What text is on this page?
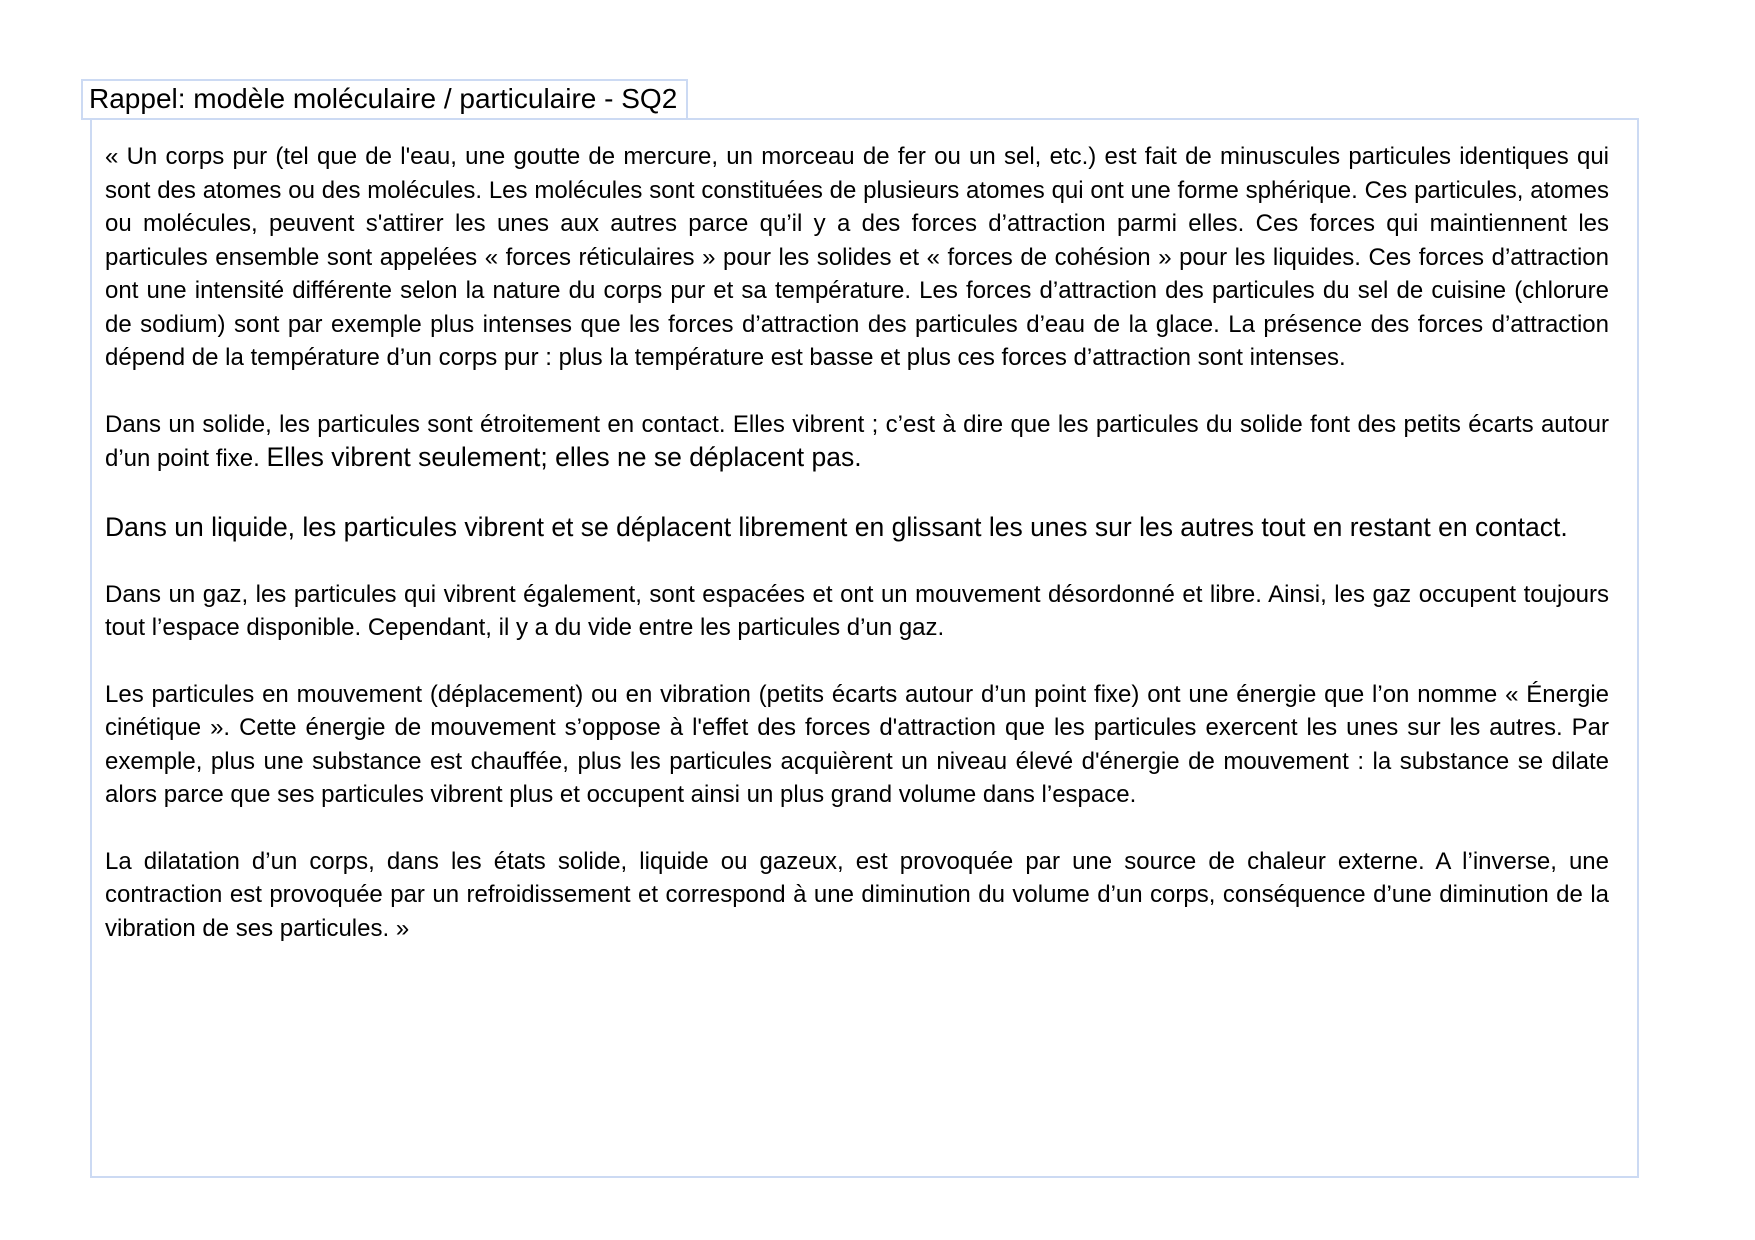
Rappel: modèle moléculaire / particulaire - SQ2

« Un corps pur (tel que de l'eau, une goutte de mercure, un morceau de fer ou un sel, etc.) est fait de minuscules particules identiques qui sont des atomes ou des molécules. Les molécules sont constituées de plusieurs atomes qui ont une forme sphérique. Ces particules, atomes ou molécules, peuvent s'attirer les unes aux autres parce qu’il y a des forces d’attraction parmi elles. Ces forces qui maintiennent les particules ensemble sont appelées « forces réticulaires » pour les solides et « forces de cohésion » pour les liquides. Ces forces d’attraction ont une intensité différente selon la nature du corps pur et sa température. Les forces d’attraction des particules du sel de cuisine (chlorure de sodium) sont par exemple plus intenses que les forces d’attraction des particules d’eau de la glace. La présence des forces d’attraction dépend de la température d’un corps pur : plus la température est basse et plus ces forces d’attraction sont intenses.

Dans un solide, les particules sont étroitement en contact. Elles vibrent ; c’est à dire que les particules du solide font des petits écarts autour d’un point fixe. Elles vibrent seulement; elles ne se déplacent pas.

Dans un liquide, les particules vibrent et se déplacent librement en glissant les unes sur les autres tout en restant en contact.

Dans un gaz, les particules qui vibrent également, sont espacées et ont un mouvement désordonné et libre. Ainsi, les gaz occupent toujours tout l’espace disponible. Cependant, il y a du vide entre les particules d’un gaz.

Les particules en mouvement (déplacement) ou en vibration (petits écarts autour d’un point fixe) ont une énergie que l’on nomme « Énergie cinétique ». Cette énergie de mouvement s’oppose à l'effet des forces d'attraction que les particules exercent les unes sur les autres. Par exemple, plus une substance est chauffée, plus les particules acquièrent un niveau élevé d'énergie de mouvement : la substance se dilate alors parce que ses particules vibrent plus et occupent ainsi un plus grand volume dans l’espace.

La dilatation d’un corps, dans les états solide, liquide ou gazeux, est provoquée par une source de chaleur externe. A l’inverse, une contraction est provoquée par un refroidissement et correspond à une diminution du volume d’un corps, conséquence d’une diminution de la vibration de ses particules. »
